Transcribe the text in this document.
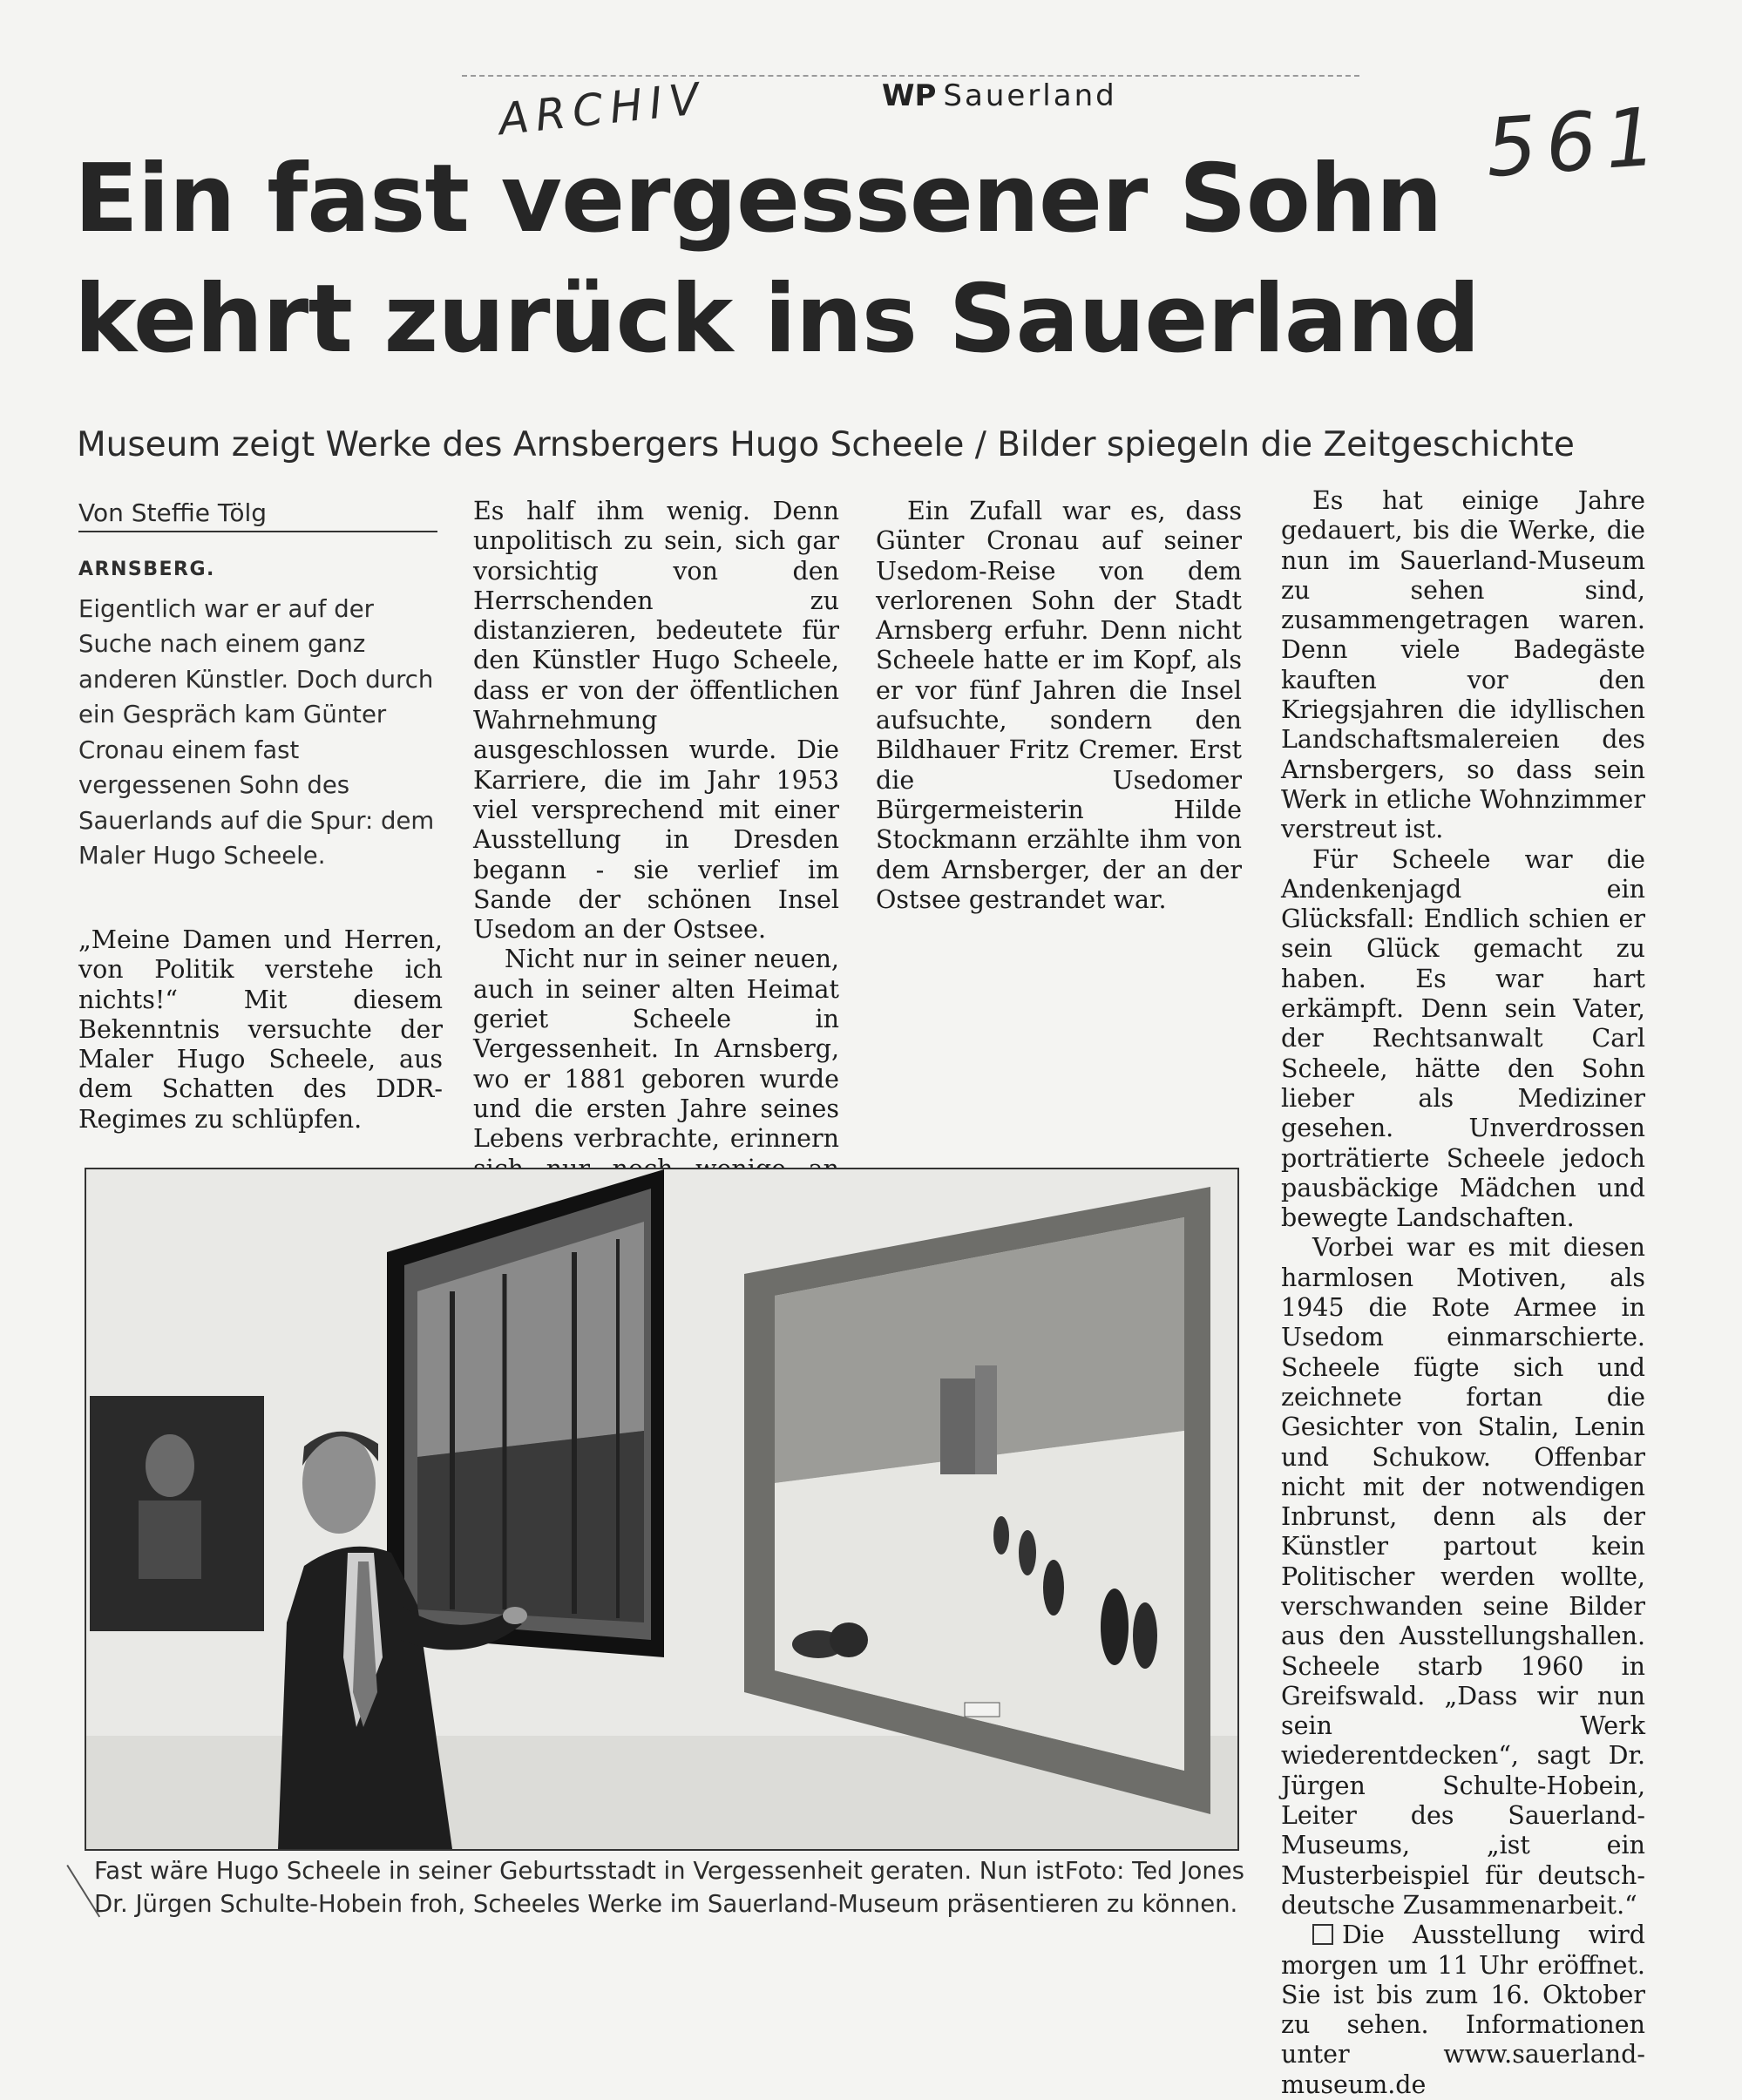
ARCHIV	561
WP Sauerland
Ein fast vergessener Sohn
kehrt zurück ins Sauerland
Museum zeigt Werke des Arnsbergers Hugo Scheele / Bilder spiegeln die Zeitgeschichte
Von Steffie Tölg
ARNSBERG.
Eigentlich war er auf der Suche nach einem ganz anderen Künstler. Doch durch ein Gespräch kam Günter Cronau einem fast vergessenen Sohn des Sauerlands auf die Spur: dem Maler Hugo Scheele.

„Meine Damen und Herren, von Politik verstehe ich nichts!“ Mit diesem Bekenntnis versuchte der Maler Hugo Scheele, aus dem Schatten des DDR-Regimes zu schlüpfen.

Es half ihm wenig. Denn unpolitisch zu sein, sich gar vorsichtig von den Herrschenden zu distanzieren, bedeutete für den Künstler Hugo Scheele, dass er von der öffentlichen Wahrnehmung ausgeschlossen wurde. Die Karriere, die im Jahr 1953 viel versprechend mit einer Ausstellung in Dresden begann - sie verlief im Sande der schönen Insel Usedom an der Ostsee.

Nicht nur in seiner neuen, auch in seiner alten Heimat geriet Scheele in Vergessenheit. In Arnsberg, wo er 1881 geboren wurde und die ersten Jahre seines Lebens verbrachte, erinnern

Ein Zufall war es, dass Günter Cronau auf seiner Usedom-Reise von dem verlorenen Sohn der Stadt Arnsberg erfuhr. Denn nicht Scheele hatte er im Kopf, als er vor fünf Jahren die Insel aufsuchte, sondern den Bildhauer Fritz Cremer. Erst die Usedomer Bürgermeisterin Hilde Stockmann erzählte ihm von dem Arnsberger, der an der Ostsee gestrandet war.

Es hat einige Jahre gedauert, bis die Werke, die nun im Sauerland-Museum zu sehen sind, zusammengetragen waren. Denn viele Badegäste kauften vor den Kriegsjahren die idyllischen Landschaftsmalereien des Arnsbergers, so dass sein Werk in etliche Wohnzimmer verstreut ist.

Für Scheele war die Andenkenjagd ein Glücksfall: Endlich schien er sein Glück gemacht zu haben. Es war hart erkämpft. Denn sein Vater, der Rechtsanwalt Carl Scheele, hätte den Sohn lieber als Mediziner gesehen. Unverdrossen porträtierte Scheele jedoch pausbäckige Mädchen und bewegte Landschaften.

Vorbei war es mit diesen harmlosen Motiven, als 1945 die Rote Armee in Usedom einmarschierte. Scheele fügte sich und zeichnete fortan die Gesichter von Stalin, Lenin und Schukow. Offenbar nicht mit der notwendigen Inbrunst, denn als der Künstler partout kein Politischer werden wollte, verschwanden seine Bilder aus den Ausstellungshallen. Scheele starb 1960 in Greifswald. „Dass wir nun sein Werk wiederentdecken“, sagt Dr. Jürgen Schulte-Hobein, Leiter des Sauerland-Museums, „ist ein Musterbeispiel für deutsch-deutsche Zusammenarbeit.“

Die Ausstellung wird morgen um 11 Uhr eröffnet. Sie ist bis zum 16. Oktober zu sehen. Informationen unter www.sauerland-museum.de

Foto: Ted Jones
Fast wäre Hugo Scheele in seiner Geburtsstadt in Vergessenheit geraten. Nun ist Dr. Jürgen Schulte-Hobein froh, Scheeles Werke im Sauerland-Museum präsentieren zu können.
